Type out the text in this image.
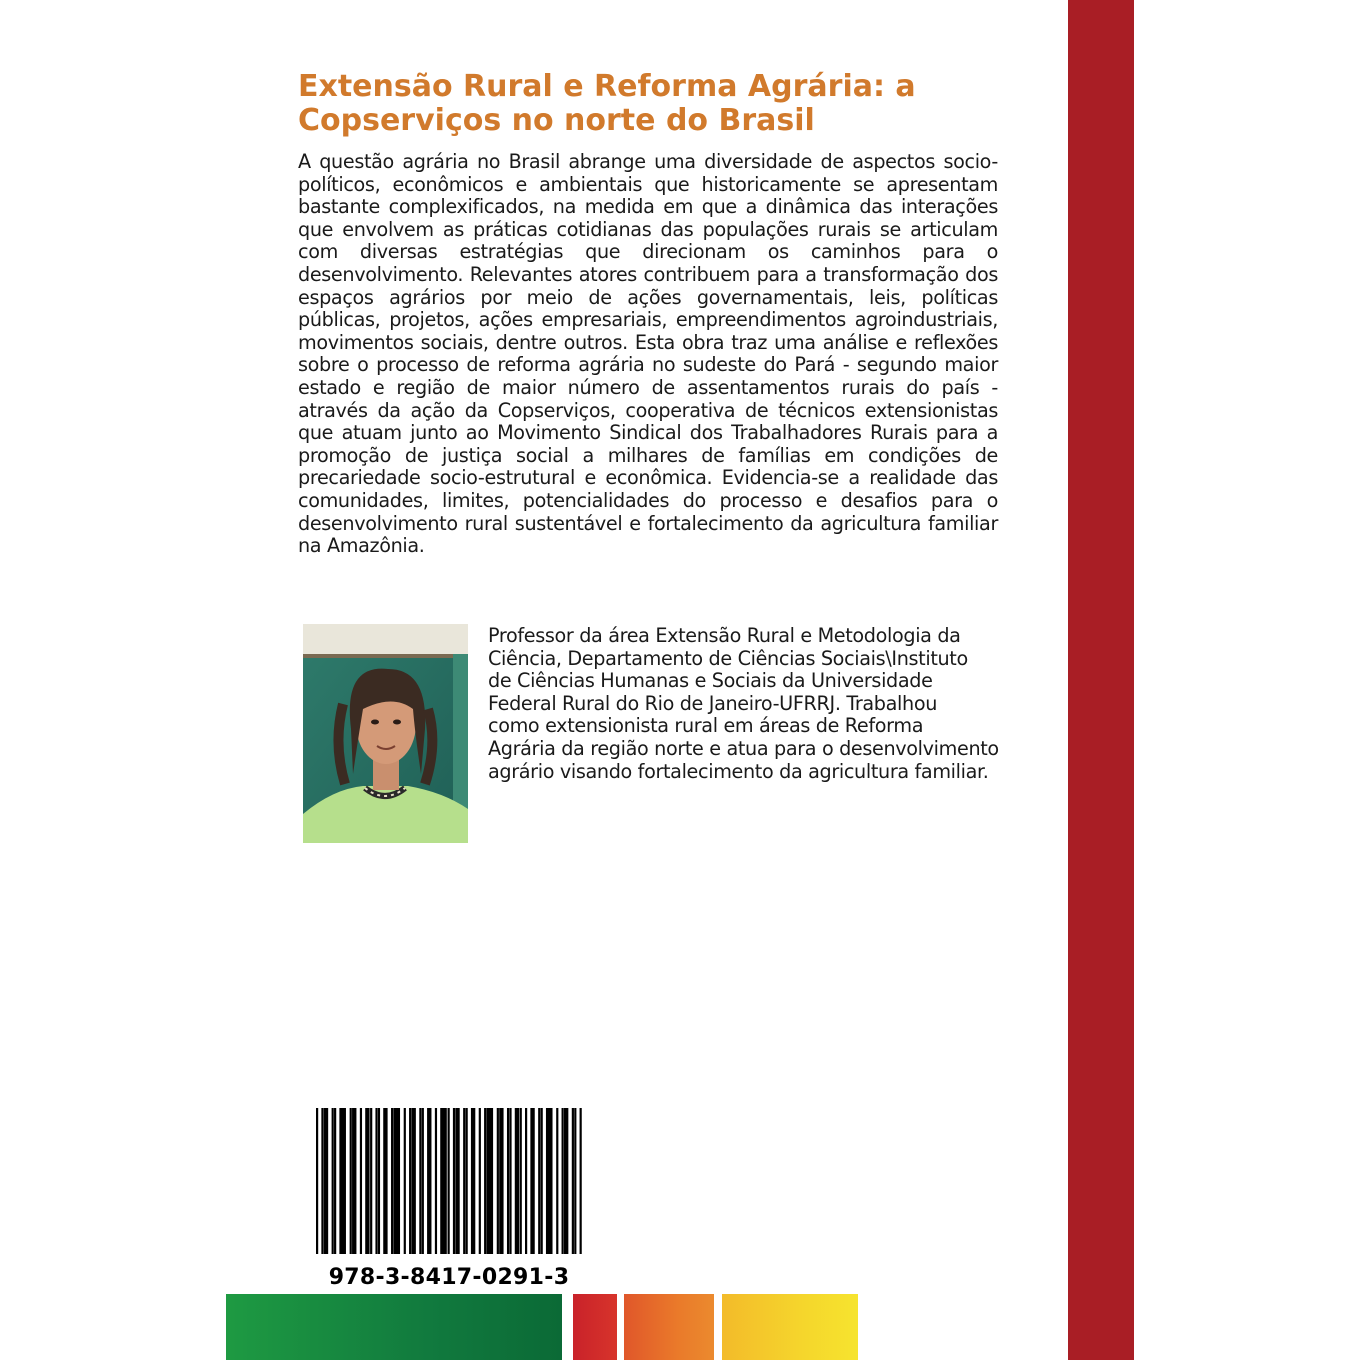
Extensão Rural e Reforma Agrária: a
Copserviços no norte do Brasil

A questão agrária no Brasil abrange uma diversidade de aspectos socio-políticos, econômicos e ambientais que historicamente se apresentam bastante complexificados, na medida em que a dinâmica das interações que envolvem as práticas cotidianas das populações rurais se articulam com diversas estratégias que direcionam os caminhos para o desenvolvimento. Relevantes atores contribuem para a transformação dos espaços agrários por meio de ações governamentais, leis, políticas públicas, projetos, ações empresariais, empreendimentos agroindustriais, movimentos sociais, dentre outros. Esta obra traz uma análise e reflexões sobre o processo de reforma agrária no sudeste do Pará - segundo maior estado e região de maior número de assentamentos rurais do país - através da ação da Copserviços, cooperativa de técnicos extensionistas que atuam junto ao Movimento Sindical dos Trabalhadores Rurais para a promoção de justiça social a milhares de famílias em condições de precariedade socio-estrutural e econômica. Evidencia-se a realidade das comunidades, limites, potencialidades do processo e desafios para o desenvolvimento rural sustentável e fortalecimento da agricultura familiar na Amazônia.

Professor da área Extensão Rural e Metodologia da
Ciência, Departamento de Ciências Sociais\Instituto
de Ciências Humanas e Sociais da Universidade
Federal Rural do Rio de Janeiro-UFRRJ. Trabalhou
como extensionista rural em áreas de Reforma
Agrária da região norte e atua para o desenvolvimento
agrário visando fortalecimento da agricultura familiar.

978-3-8417-0291-3
